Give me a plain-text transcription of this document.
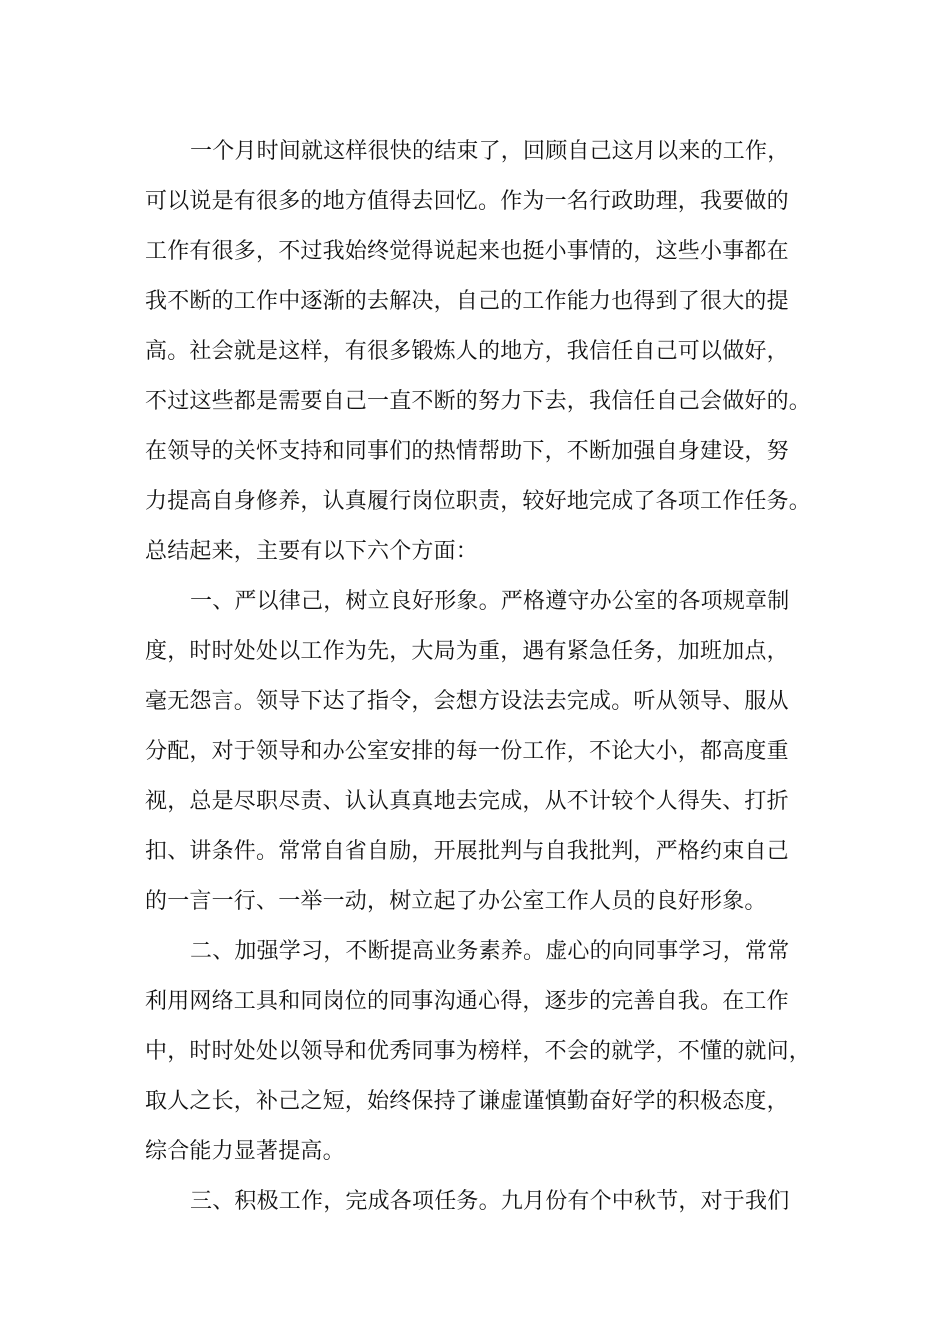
一个月时间就这样很快的结束了，回顾自己这月以来的工作，
可以说是有很多的地方值得去回忆。作为一名行政助理，我要做的
工作有很多，不过我始终觉得说起来也挺小事情的，这些小事都在
我不断的工作中逐渐的去解决，自己的工作能力也得到了很大的提
高。社会就是这样，有很多锻炼人的地方，我信任自己可以做好，
不过这些都是需要自己一直不断的努力下去，我信任自己会做好的。
在领导的关怀支持和同事们的热情帮助下，不断加强自身建设，努
力提高自身修养，认真履行岗位职责，较好地完成了各项工作任务。
总结起来，主要有以下六个方面：
一、严以律己，树立良好形象。严格遵守办公室的各项规章制
度，时时处处以工作为先，大局为重，遇有紧急任务，加班加点，
毫无怨言。领导下达了指令，会想方设法去完成。听从领导、服从
分配，对于领导和办公室安排的每一份工作，不论大小，都高度重
视，总是尽职尽责、认认真真地去完成，从不计较个人得失、打折
扣、讲条件。常常自省自励，开展批判与自我批判，严格约束自己
的一言一行、一举一动，树立起了办公室工作人员的良好形象。
二、加强学习，不断提高业务素养。虚心的向同事学习，常常
利用网络工具和同岗位的同事沟通心得，逐步的完善自我。在工作
中，时时处处以领导和优秀同事为榜样，不会的就学，不懂的就问，
取人之长，补己之短，始终保持了谦虚谨慎勤奋好学的积极态度，
综合能力显著提高。
三、积极工作，完成各项任务。九月份有个中秋节，对于我们
